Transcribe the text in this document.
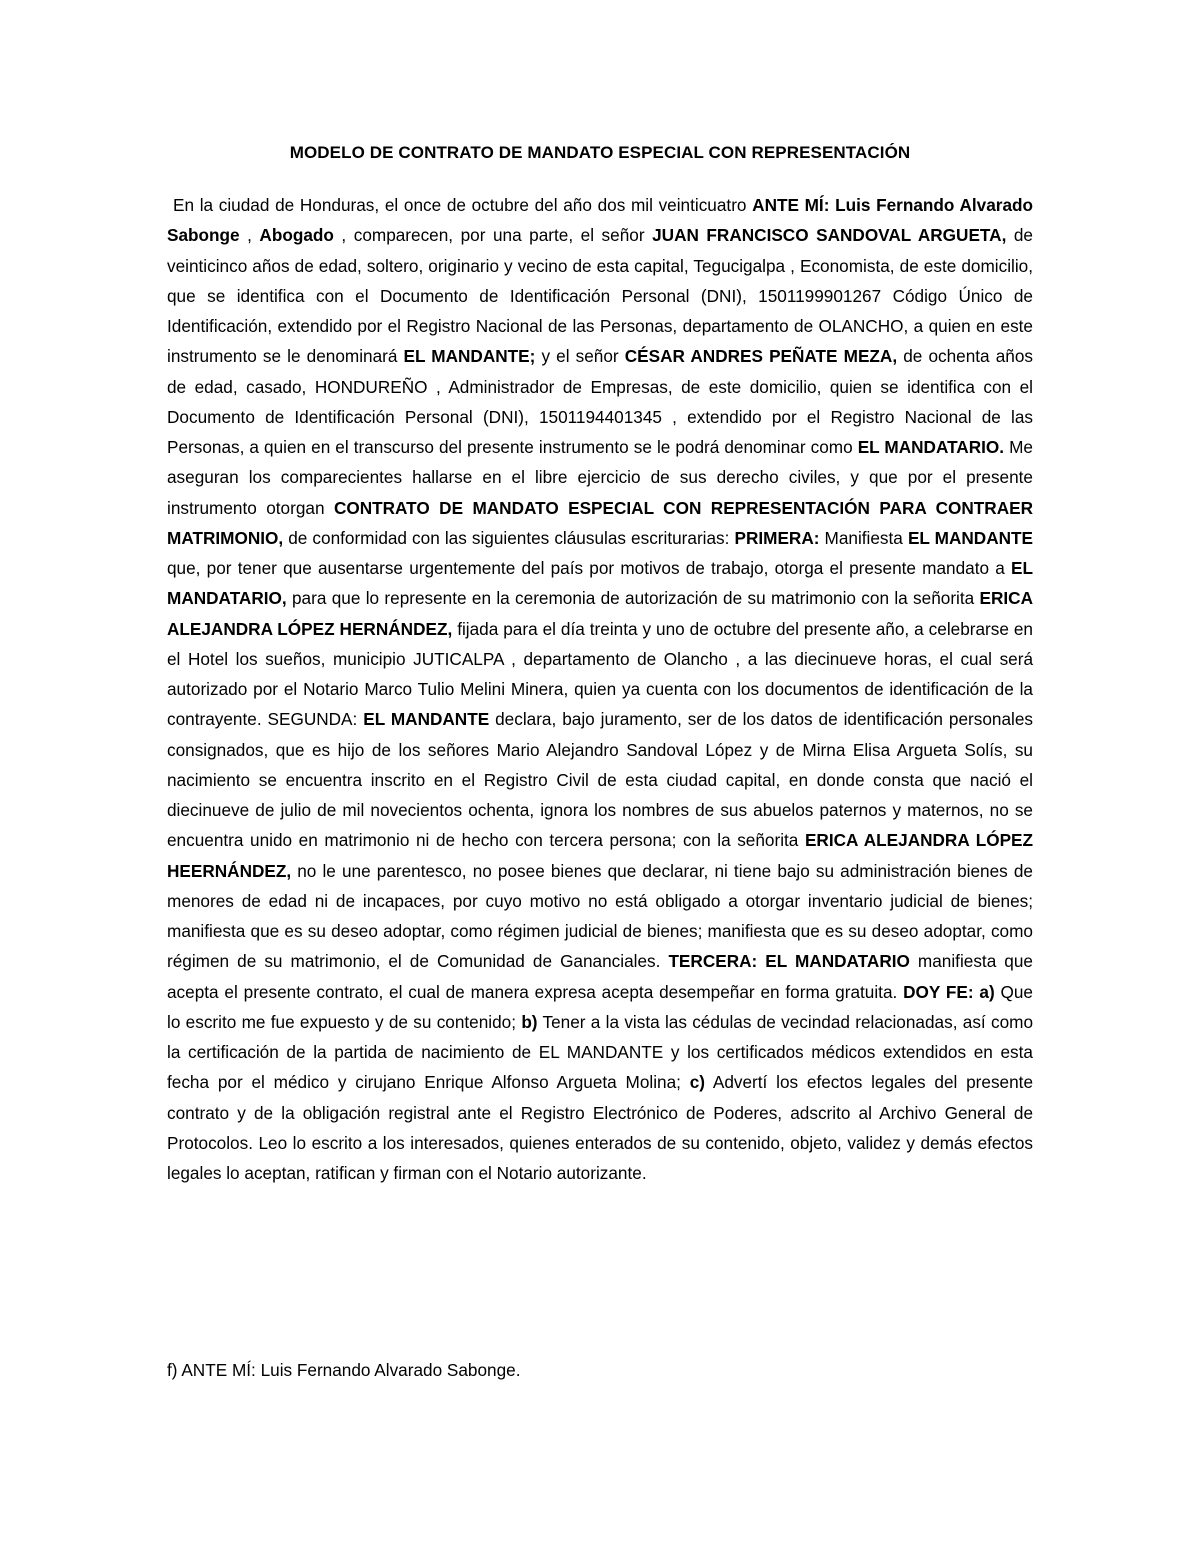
MODELO DE CONTRATO DE MANDATO ESPECIAL CON REPRESENTACIÓN

En la ciudad de Honduras, el once de octubre del año dos mil veinticuatro ANTE MÍ: Luis Fernando Alvarado Sabonge , Abogado , comparecen, por una parte, el señor JUAN FRANCISCO SANDOVAL ARGUETA, de veinticinco años de edad, soltero, originario y vecino de esta capital, Tegucigalpa , Economista, de este domicilio, que se identifica con el Documento de Identificación Personal (DNI), 1501199901267 Código Único de Identificación, extendido por el Registro Nacional de las Personas, departamento de OLANCHO, a quien en este instrumento se le denominará EL MANDANTE; y el señor CÉSAR ANDRES PEÑATE MEZA, de ochenta años de edad, casado, HONDUREÑO , Administrador de Empresas, de este domicilio, quien se identifica con el Documento de Identificación Personal (DNI), 1501194401345 , extendido por el Registro Nacional de las Personas, a quien en el transcurso del presente instrumento se le podrá denominar como EL MANDATARIO. Me aseguran los comparecientes hallarse en el libre ejercicio de sus derecho civiles, y que por el presente instrumento otorgan CONTRATO DE MANDATO ESPECIAL CON REPRESENTACIÓN PARA CONTRAER MATRIMONIO, de conformidad con las siguientes cláusulas escriturarias: PRIMERA: Manifiesta EL MANDANTE que, por tener que ausentarse urgentemente del país por motivos de trabajo, otorga el presente mandato a EL MANDATARIO, para que lo represente en la ceremonia de autorización de su matrimonio con la señorita ERICA ALEJANDRA LÓPEZ HERNÁNDEZ, fijada para el día treinta y uno de octubre del presente año, a celebrarse en el Hotel los sueños, municipio JUTICALPA , departamento de Olancho , a las diecinueve horas, el cual será autorizado por el Notario Marco Tulio Melini Minera, quien ya cuenta con los documentos de identificación de la contrayente. SEGUNDA: EL MANDANTE declara, bajo juramento, ser de los datos de identificación personales consignados, que es hijo de los señores Mario Alejandro Sandoval López y de Mirna Elisa Argueta Solís, su nacimiento se encuentra inscrito en el Registro Civil de esta ciudad capital, en donde consta que nació el diecinueve de julio de mil novecientos ochenta, ignora los nombres de sus abuelos paternos y maternos, no se encuentra unido en matrimonio ni de hecho con tercera persona; con la señorita ERICA ALEJANDRA LÓPEZ HEERNÁNDEZ, no le une parentesco, no posee bienes que declarar, ni tiene bajo su administración bienes de menores de edad ni de incapaces, por cuyo motivo no está obligado a otorgar inventario judicial de bienes; manifiesta que es su deseo adoptar, como régimen judicial de bienes; manifiesta que es su deseo adoptar, como régimen de su matrimonio, el de Comunidad de Gananciales. TERCERA: EL MANDATARIO manifiesta que acepta el presente contrato, el cual de manera expresa acepta desempeñar en forma gratuita. DOY FE: a) Que lo escrito me fue expuesto y de su contenido; b) Tener a la vista las cédulas de vecindad relacionadas, así como la certificación de la partida de nacimiento de EL MANDANTE y los certificados médicos extendidos en esta fecha por el médico y cirujano Enrique Alfonso Argueta Molina; c) Advertí los efectos legales del presente contrato y de la obligación registral ante el Registro Electrónico de Poderes, adscrito al Archivo General de Protocolos. Leo lo escrito a los interesados, quienes enterados de su contenido, objeto, validez y demás efectos legales lo aceptan, ratifican y firman con el Notario autorizante.

f) ANTE MÍ: Luis Fernando Alvarado Sabonge.
